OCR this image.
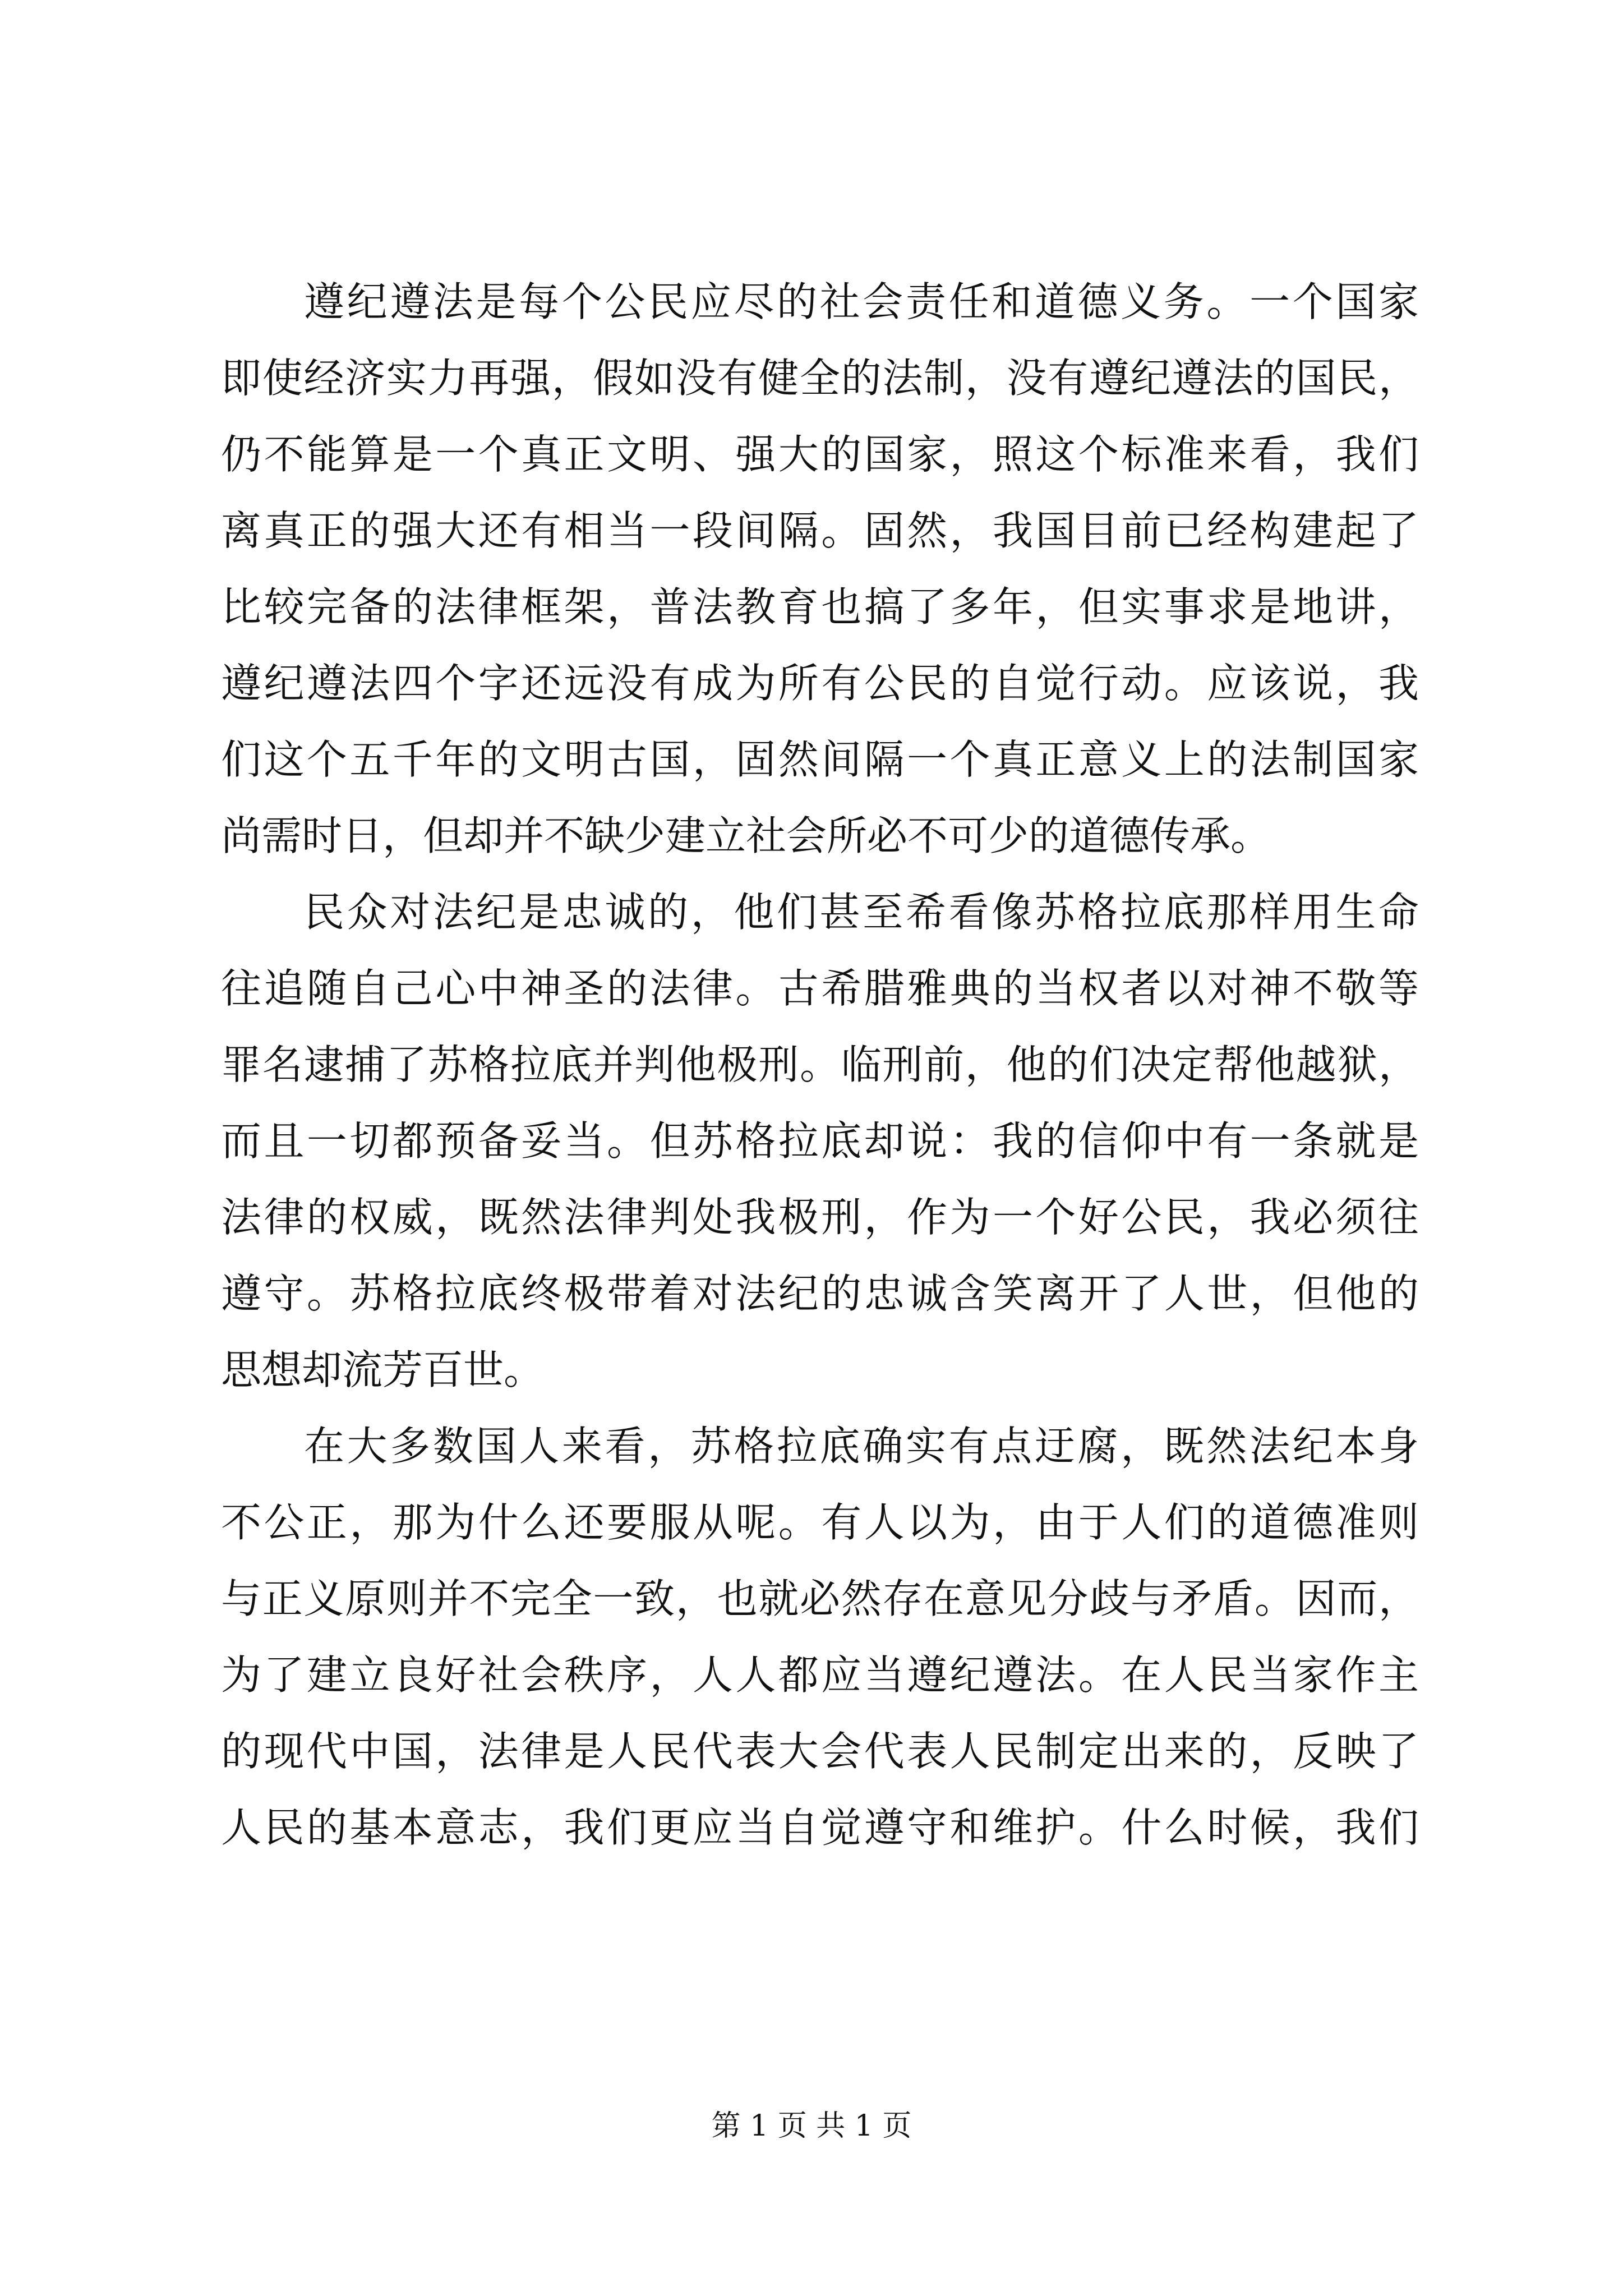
遵纪遵法是每个公民应尽的社会责任和道德义务。一个国家
即使经济实力再强，假如没有健全的法制，没有遵纪遵法的国民，
仍不能算是一个真正文明、强大的国家，照这个标准来看，我们
离真正的强大还有相当一段间隔。固然，我国目前已经构建起了
比较完备的法律框架，普法教育也搞了多年，但实事求是地讲，
遵纪遵法四个字还远没有成为所有公民的自觉行动。应该说，我
们这个五千年的文明古国，固然间隔一个真正意义上的法制国家
尚需时日，但却并不缺少建立社会所必不可少的道德传承。
民众对法纪是忠诚的，他们甚至希看像苏格拉底那样用生命
往追随自己心中神圣的法律。古希腊雅典的当权者以对神不敬等
罪名逮捕了苏格拉底并判他极刑。临刑前，他的们决定帮他越狱，
而且一切都预备妥当。但苏格拉底却说：我的信仰中有一条就是
法律的权威，既然法律判处我极刑，作为一个好公民，我必须往
遵守。苏格拉底终极带着对法纪的忠诚含笑离开了人世，但他的
思想却流芳百世。
在大多数国人来看，苏格拉底确实有点迂腐，既然法纪本身
不公正，那为什么还要服从呢。有人以为，由于人们的道德准则
与正义原则并不完全一致，也就必然存在意见分歧与矛盾。因而，
为了建立良好社会秩序，人人都应当遵纪遵法。在人民当家作主
的现代中国，法律是人民代表大会代表人民制定出来的，反映了
人民的基本意志，我们更应当自觉遵守和维护。什么时候，我们
第 1 页 共 1 页
